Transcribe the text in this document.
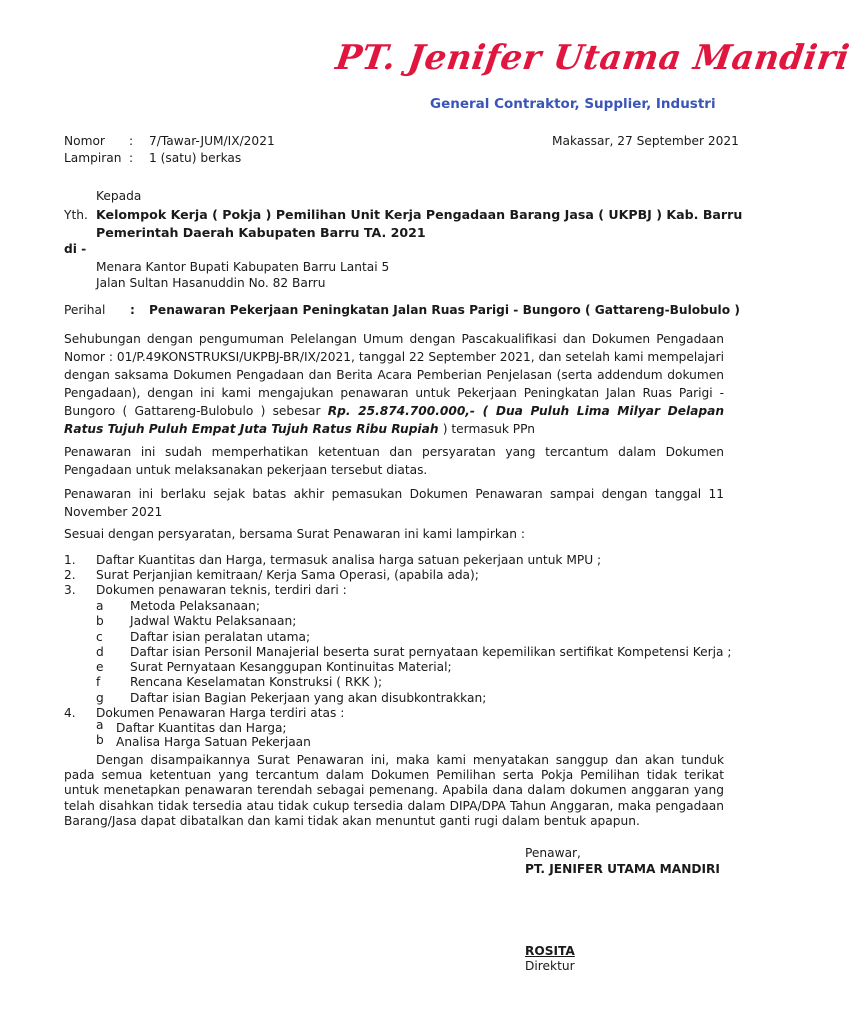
PT. Jenifer Utama Mandiri
General Contraktor, Supplier, Industri
Nomor : 7/Tawar-JUM/IX/2021	Makassar, 27 September 2021
Lampiran : 1 (satu) berkas
Kepada
Yth. Kelompok Kerja ( Pokja ) Pemilihan Unit Kerja Pengadaan Barang Jasa ( UKPBJ ) Kab. Barru
Pemerintah Daerah Kabupaten Barru TA. 2021
di -
Menara Kantor Bupati Kabupaten Barru Lantai 5
Jalan Sultan Hasanuddin No. 82 Barru
Perihal : Penawaran Pekerjaan Peningkatan Jalan Ruas Parigi - Bungoro ( Gattareng-Bulobulo )
Sehubungan dengan pengumuman Pelelangan Umum dengan Pascakualifikasi dan Dokumen Pengadaan Nomor : 01/P.49KONSTRUKSI/UKPBJ-BR/IX/2021, tanggal 22 September 2021, dan setelah kami mempelajari dengan saksama Dokumen Pengadaan dan Berita Acara Pemberian Penjelasan (serta addendum dokumen Pengadaan), dengan ini kami mengajukan penawaran untuk Pekerjaan Peningkatan Jalan Ruas Parigi - Bungoro ( Gattareng-Bulobulo ) sebesar Rp. 25.874.700.000,- ( Dua Puluh Lima Milyar Delapan Ratus Tujuh Puluh Empat Juta Tujuh Ratus Ribu Rupiah ) termasuk PPn
Penawaran ini sudah memperhatikan ketentuan dan persyaratan yang tercantum dalam Dokumen Pengadaan untuk melaksanakan pekerjaan tersebut diatas.
Penawaran ini berlaku sejak batas akhir pemasukan Dokumen Penawaran sampai dengan tanggal 11 November 2021
Sesuai dengan persyaratan, bersama Surat Penawaran ini kami lampirkan :
1. Daftar Kuantitas dan Harga, termasuk analisa harga satuan pekerjaan untuk MPU ;
2. Surat Perjanjian kemitraan/ Kerja Sama Operasi, (apabila ada);
3. Dokumen penawaran teknis, terdiri dari :
a Metoda Pelaksanaan;
b Jadwal Waktu Pelaksanaan;
c Daftar isian peralatan utama;
d Daftar isian Personil Manajerial beserta surat pernyataan kepemilikan sertifikat Kompetensi Kerja ;
e Surat Pernyataan Kesanggupan Kontinuitas Material;
f Rencana Keselamatan Konstruksi ( RKK );
g Daftar isian Bagian Pekerjaan yang akan disubkontrakkan;
4. Dokumen Penawaran Harga terdiri atas :
a Daftar Kuantitas dan Harga;
b Analisa Harga Satuan Pekerjaan
Dengan disampaikannya Surat Penawaran ini, maka kami menyatakan sanggup dan akan tunduk pada semua ketentuan yang tercantum dalam Dokumen Pemilihan serta Pokja Pemilihan tidak terikat untuk menetapkan penawaran terendah sebagai pemenang. Apabila dana dalam dokumen anggaran yang telah disahkan tidak tersedia atau tidak cukup tersedia dalam DIPA/DPA Tahun Anggaran, maka pengadaan Barang/Jasa dapat dibatalkan dan kami tidak akan menuntut ganti rugi dalam bentuk apapun.
Penawar,
PT. JENIFER UTAMA MANDIRI
ROSITA
Direktur
